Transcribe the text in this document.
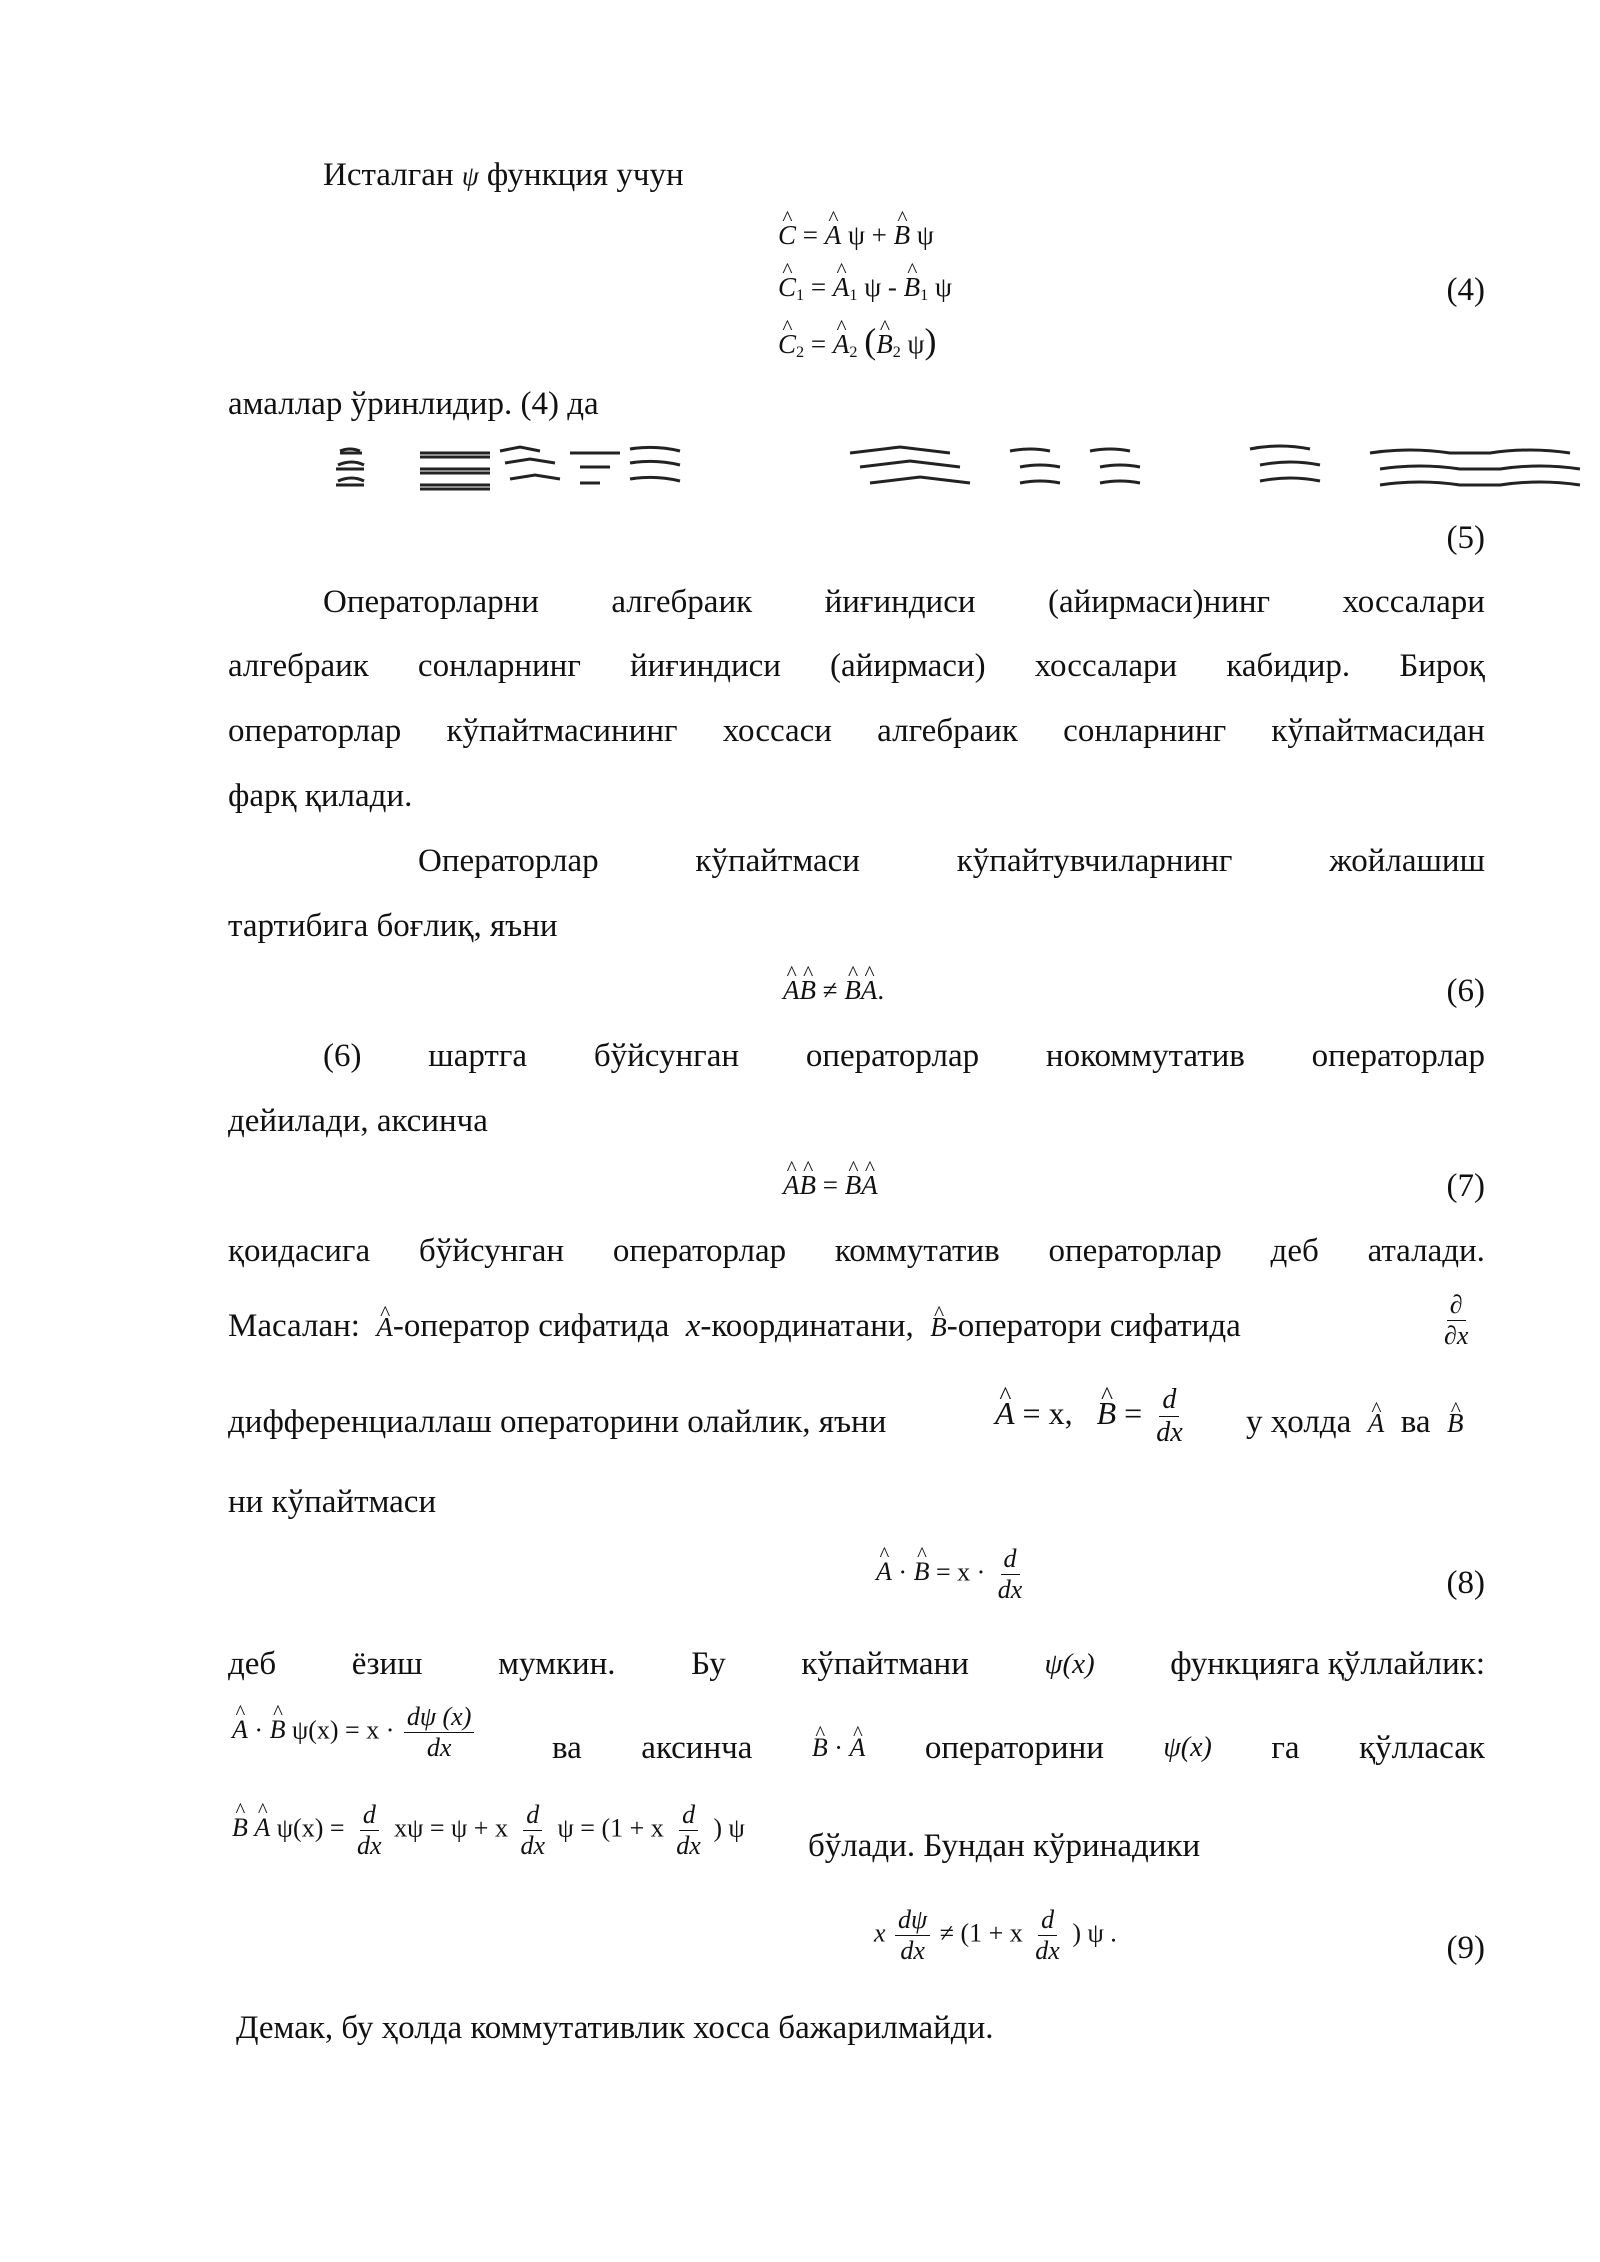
Исталган ψ функция учун
^ C = ^ A ψ + ^ B ψ
^ $C_1$ = ^ $A_1$ ψ - ^ $B_1$ ψ
^ $C_2$ = ^ $A_2$ (^ $B_2$ ψ)
(4)
амаллар ўринлидир. (4) да
(5)
Операторларни алгебраик йиғиндиси (айирмаси)нинг хоссалари
алгебраик сонларнинг йиғиндиси (айирмаси) хоссалари кабидир. Бироқ
операторлар кўпайтмасининг хоссаси алгебраик сонларнинг кўпайтмасидан
фарқ қилади.
Операторлар	кўпайтмаси	кўпайтувчиларнинг	жойлашиш
тартибига боғлиқ, яъни
^ A^ B ≠ ^ B^ A.	(6)
(6) шартга бўйсунган операторлар нокоммутатив операторлар
дейилади, аксинча
^ A^ B = ^ B^ A	(7)
қоидасига бўйсунган операторлар коммутатив операторлар деб аталади.
Масалан: ^ A-оператор сифатида x-координатани, ^ B-оператори сифатида	$\frac{\partial}{\partial x}$
дифференциаллаш операторини олайлик, яъни	^ A = x, ^ $B = \frac{d}{dx}$ у ҳолда ^ A ва ^ B
ни кўпайтмаси
^ A · ^ $B = x \cdot \frac{d}{dx}$	(8)
деб ёзиш мумкин. Бу кўпайтмани	ψ(x) функцияга қўллайлик:
^ A · ^ B $\psi(x) = x \cdot \frac{d\psi (x)}{dx}$ ва аксинча ^ B · ^ A операторини ψ(x) га қўлласак
^ B ^ A $\psi(x) = \frac{d}{dx}$ xψ = ψ + x $\frac{d}{dx}$ ψ = (1 + x $\frac{d}{dx}$ ) ψ
бўлади. Бундан кўринадики
x $\frac{d\psi}{dx} \ne (1 + x \frac{d}{dx}$ ) ψ .	(9)
Демак, бу ҳолда коммутативлик хосса бажарилмайди.
